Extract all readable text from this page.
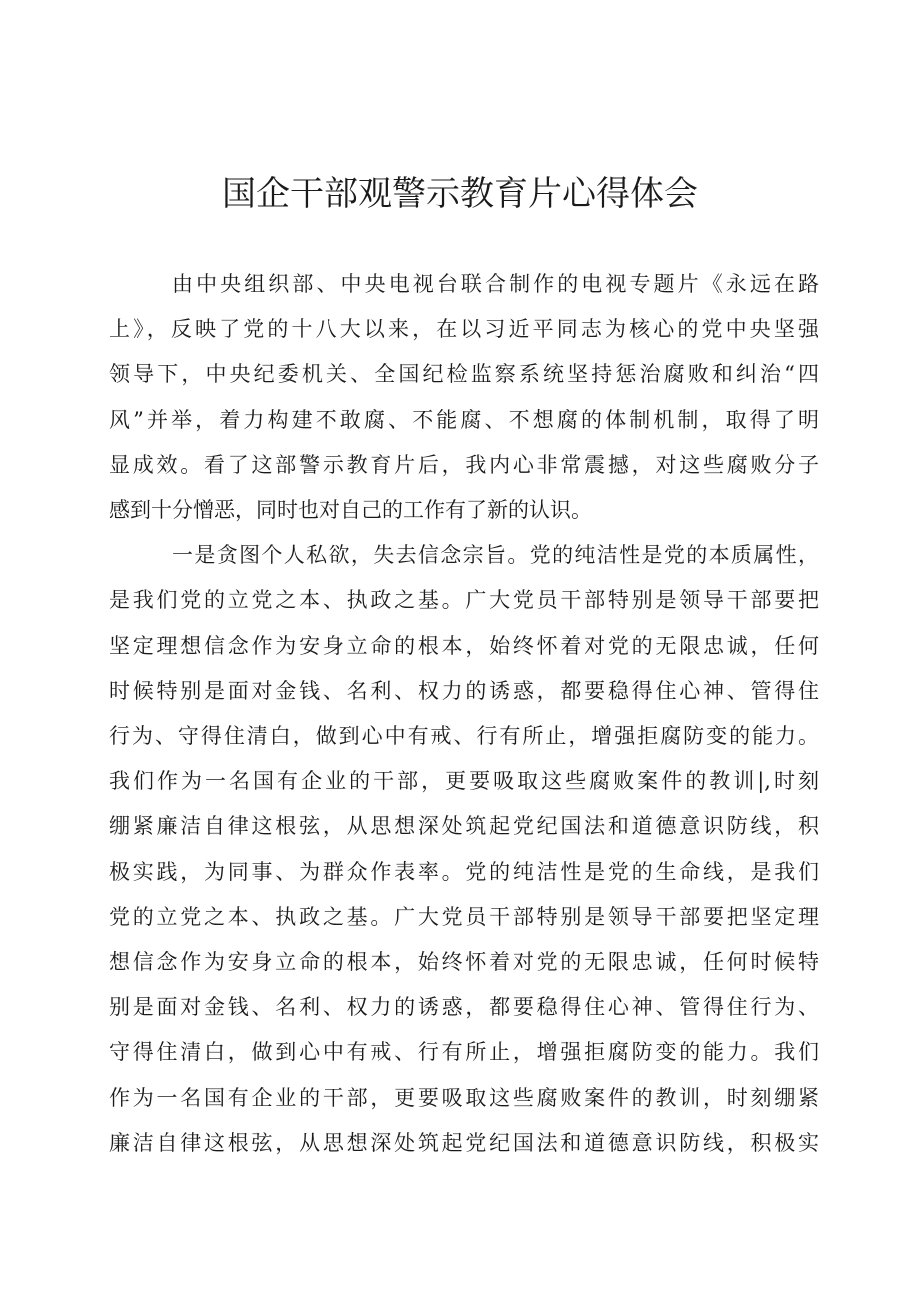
国企干部观警示教育片心得体会
由中央组织部、中央电视台联合制作的电视专题片《永远在路
上》，反映了党的十八大以来，在以习近平同志为核心的党中央坚强
领导下，中央纪委机关、全国纪检监察系统坚持惩治腐败和纠治“四
风”并举，着力构建不敢腐、不能腐、不想腐的体制机制，取得了明
显成效。看了这部警示教育片后，我内心非常震撼，对这些腐败分子
感到十分憎恶，同时也对自己的工作有了新的认识。
一是贪图个人私欲，失去信念宗旨。党的纯洁性是党的本质属性，
是我们党的立党之本、执政之基。广大党员干部特别是领导干部要把
坚定理想信念作为安身立命的根本，始终怀着对党的无限忠诚，任何
时候特别是面对金钱、名利、权力的诱惑，都要稳得住心神、管得住
行为、守得住清白，做到心中有戒、行有所止，增强拒腐防变的能力。
我们作为一名国有企业的干部，更要吸取这些腐败案件的教训|,时刻
绷紧廉洁自律这根弦，从思想深处筑起党纪国法和道德意识防线，积
极实践，为同事、为群众作表率。党的纯洁性是党的生命线，是我们
党的立党之本、执政之基。广大党员干部特别是领导干部要把坚定理
想信念作为安身立命的根本，始终怀着对党的无限忠诚，任何时候特
别是面对金钱、名利、权力的诱惑，都要稳得住心神、管得住行为、
守得住清白，做到心中有戒、行有所止，增强拒腐防变的能力。我们
作为一名国有企业的干部，更要吸取这些腐败案件的教训，时刻绷紧
廉洁自律这根弦，从思想深处筑起党纪国法和道德意识防线，积极实
